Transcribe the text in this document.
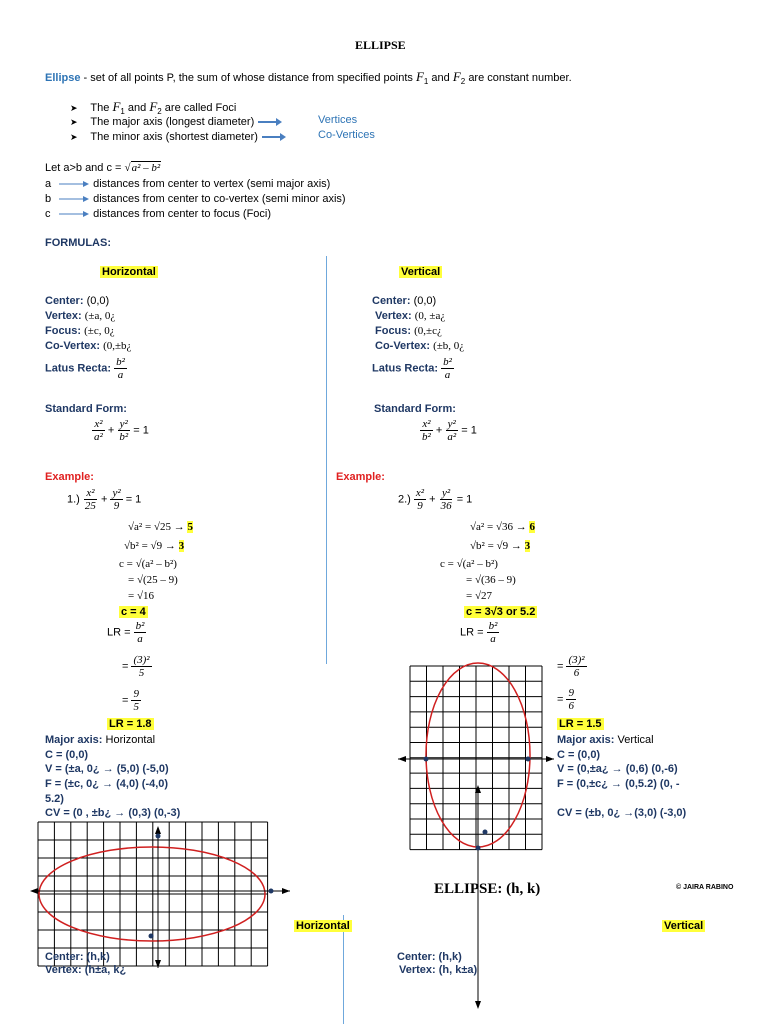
ELLIPSE
Ellipse - set of all points P, the sum of whose distance from specified points $F_1$ and $F_2$ are constant number.
➤ The $F_1$ and $F_2$ are called Foci
➤ The major axis (longest diameter)	Vertices
➤ The minor axis (shortest diameter)	Co-Vertices
Let a>b and c = √a² – b²
a	distances from center to vertex (semi major axis)
b	distances from center to co-vertex (semi minor axis)
c	distances from center to focus (Foci)
FORMULAS:
Horizontal
Center: (0,0)
Vertex: (±a, 0¿
Focus: (±c, 0¿
Co-Vertex: (0,±b¿
Latus Recta: $\frac{\text{b²}}{a}$
Standard Form:
$\frac{\text{x²}}{\text{a²}} + \frac{\text{y²}}{\text{b²}} = 1$
Vertical
Center: (0,0)
Vertex: (0, ±a¿
Focus: (0,±c¿
Co-Vertex: (±b, 0¿
Latus Recta: $\frac{\text{b²}}{a}$
Standard Form:
$\frac{\text{x²}}{\text{b²}} + \frac{\text{y²}}{\text{a²}} = 1$
Example:	Example:
$1.) \frac{\text{x²}}{25} + \frac{\text{y²}}{9} = 1$
√a² = √25 → 5
√b² = √9 → 3
c = √(a² – b²)
= √(25 – 9)
= √16
c = 4
LR = $\frac{\text{b²}}{a}$
= $\frac{\text{(3)²}}{5}$
= $\frac{9}{5}$
LR = 1.8
Major axis: Horizontal
C = (0,0)
V = (±a, 0¿ → (5,0) (-5,0)
F = (±c, 0¿ → (4,0) (-4,0)
5.2)
CV = (0 , ±b¿ → (0,3) (0,-3)
$2.) \frac{\text{x²}}{9} + \frac{\text{y²}}{36} = 1$
√a² = √36 → 6
√b² = √9 → 3
c = √(a² – b²)
= √(36 – 9)
= √27
c = 3√3 or 5.2
LR = $\frac{\text{b²}}{a}$
= $\frac{\text{(3)²}}{6}$
= $\frac{9}{6}$
LR = 1.5
Major axis: Vertical
C = (0,0)
V = (0,±a¿ → (0,6) (0,-6)
F = (0,±c¿ → (0,5.2) (0, -
CV = (±b, 0¿ →(3,0) (-3,0)
ELLIPSE: (h, k)	© JAIRA RABINO
Horizontal	Vertical
Center: (h,k)
Vertex: (h±a, k¿
Center: (h,k)
Vertex: (h, k±a)
